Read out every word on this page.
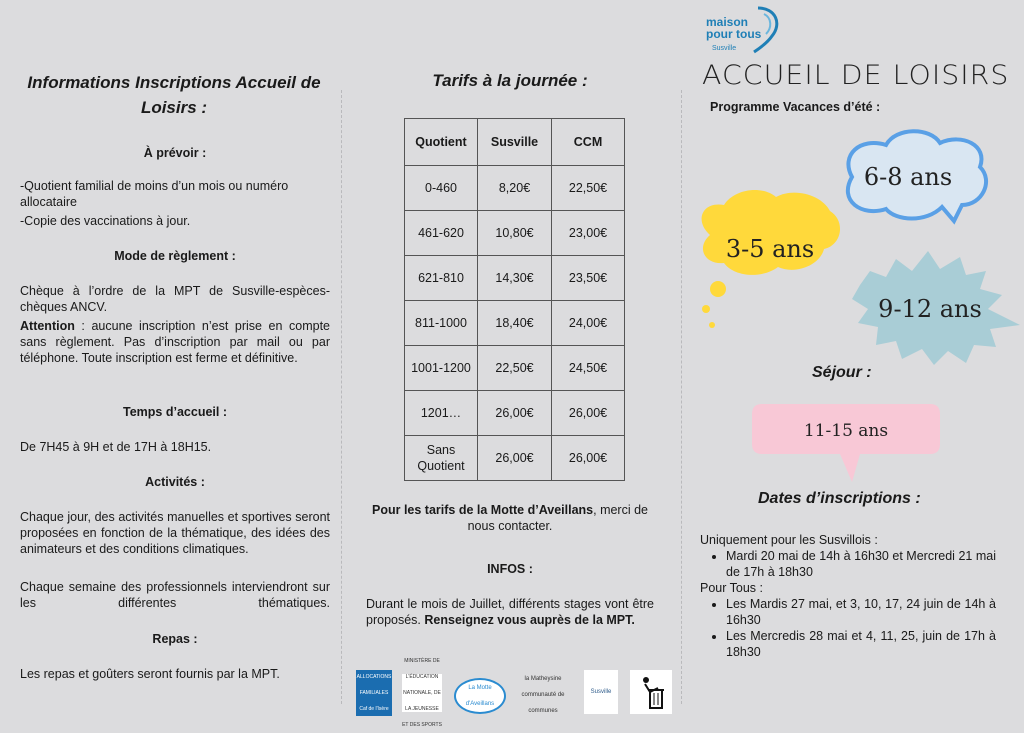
Informations Inscriptions Accueil de Loisirs :
À prévoir :
-Quotient familial de moins d’un mois ou numéro allocataire
-Copie des vaccinations à jour.
Mode de règlement :
Chèque à l’ordre de la MPT de Susville-espèces-chèques ANCV.
Attention : aucune inscription n’est prise en compte sans règlement. Pas d’inscription par mail ou par téléphone. Toute inscription est ferme et définitive.
Temps d’accueil :
De 7H45 à 9H et de 17H à 18H15.
Activités :
Chaque jour, des activités manuelles et sportives seront proposées en fonction de la thématique, des idées des animateurs et des conditions climatiques.
Chaque semaine des professionnels interviendront sur les différentes thématiques.
Repas :
Les repas et goûters seront fournis par la MPT.
Tarifs à la journée :
Quotient	Susville	CCM
0-460	8,20€	22,50€
461-620	10,80€	23,00€
621-810	14,30€	23,50€
811-1000	18,40€	24,00€
1001-1200	22,50€	24,50€
1201…	26,00€	26,00€
Sans Quotient	26,00€	26,00€
Pour les tarifs de la Motte d’Aveillans, merci de nous contacter.
INFOS :
Durant le mois de Juillet, différents stages vont être proposés. Renseignez vous auprès de la MPT.
ALLOCATIONS FAMILIALES Caf de l'Isère
MINISTÈRE DE L'ÉDUCATION NATIONALE, DE LA JEUNESSE ET DES SPORTS
La Motte d'Aveillans
la Matheysine communauté de communes
Susville
maison
pour tous
Susville
ACCUEIL DE LOISIRS
Programme Vacances d’été :
6-8 ans
3-5 ans
9-12 ans
Séjour :
11-15 ans
Dates d’inscriptions :
Uniquement pour les Susvillois :
• Mardi 20 mai de 14h à 16h30 et Mercredi 21 mai de 17h à 18h30
Pour Tous :
• Les Mardis 27 mai, et 3, 10, 17, 24 juin de 14h à 16h30
• Les Mercredis 28 mai et 4, 11, 25, juin de 17h à 18h30
